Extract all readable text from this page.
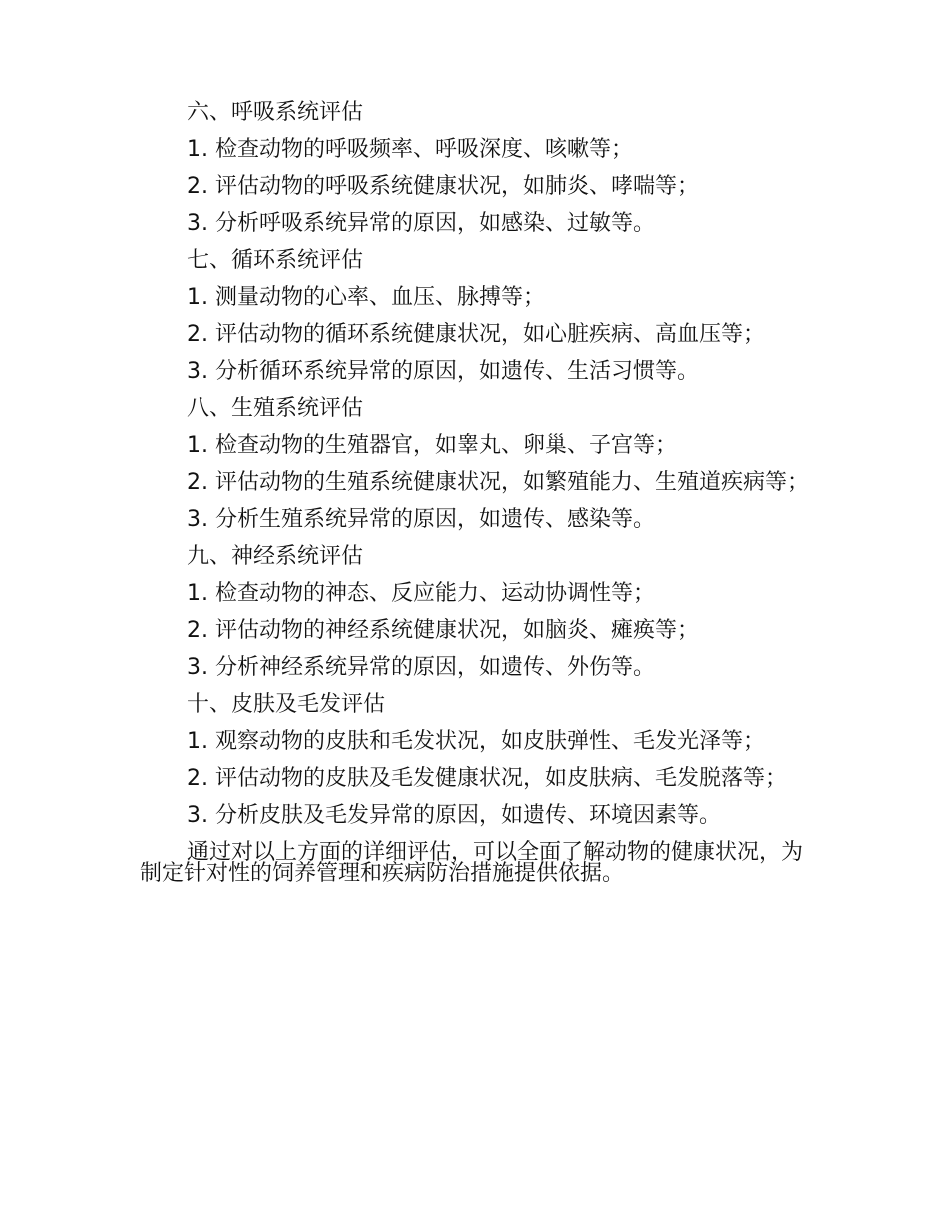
六、呼吸系统评估

1. 检查动物的呼吸频率、呼吸深度、咳嗽等；

2. 评估动物的呼吸系统健康状况，如肺炎、哮喘等；

3. 分析呼吸系统异常的原因，如感染、过敏等。

七、循环系统评估

1. 测量动物的心率、血压、脉搏等；

2. 评估动物的循环系统健康状况，如心脏疾病、高血压等；

3. 分析循环系统异常的原因，如遗传、生活习惯等。

八、生殖系统评估

1. 检查动物的生殖器官，如睾丸、卵巢、子宫等；

2. 评估动物的生殖系统健康状况，如繁殖能力、生殖道疾病等；

3. 分析生殖系统异常的原因，如遗传、感染等。

九、神经系统评估

1. 检查动物的神态、反应能力、运动协调性等；

2. 评估动物的神经系统健康状况，如脑炎、瘫痪等；

3. 分析神经系统异常的原因，如遗传、外伤等。

十、皮肤及毛发评估

1. 观察动物的皮肤和毛发状况，如皮肤弹性、毛发光泽等；

2. 评估动物的皮肤及毛发健康状况，如皮肤病、毛发脱落等；

3. 分析皮肤及毛发异常的原因，如遗传、环境因素等。

通过对以上方面的详细评估，可以全面了解动物的健康状况，为制定针对性的饲养管理和疾病防治措施提供依据。
